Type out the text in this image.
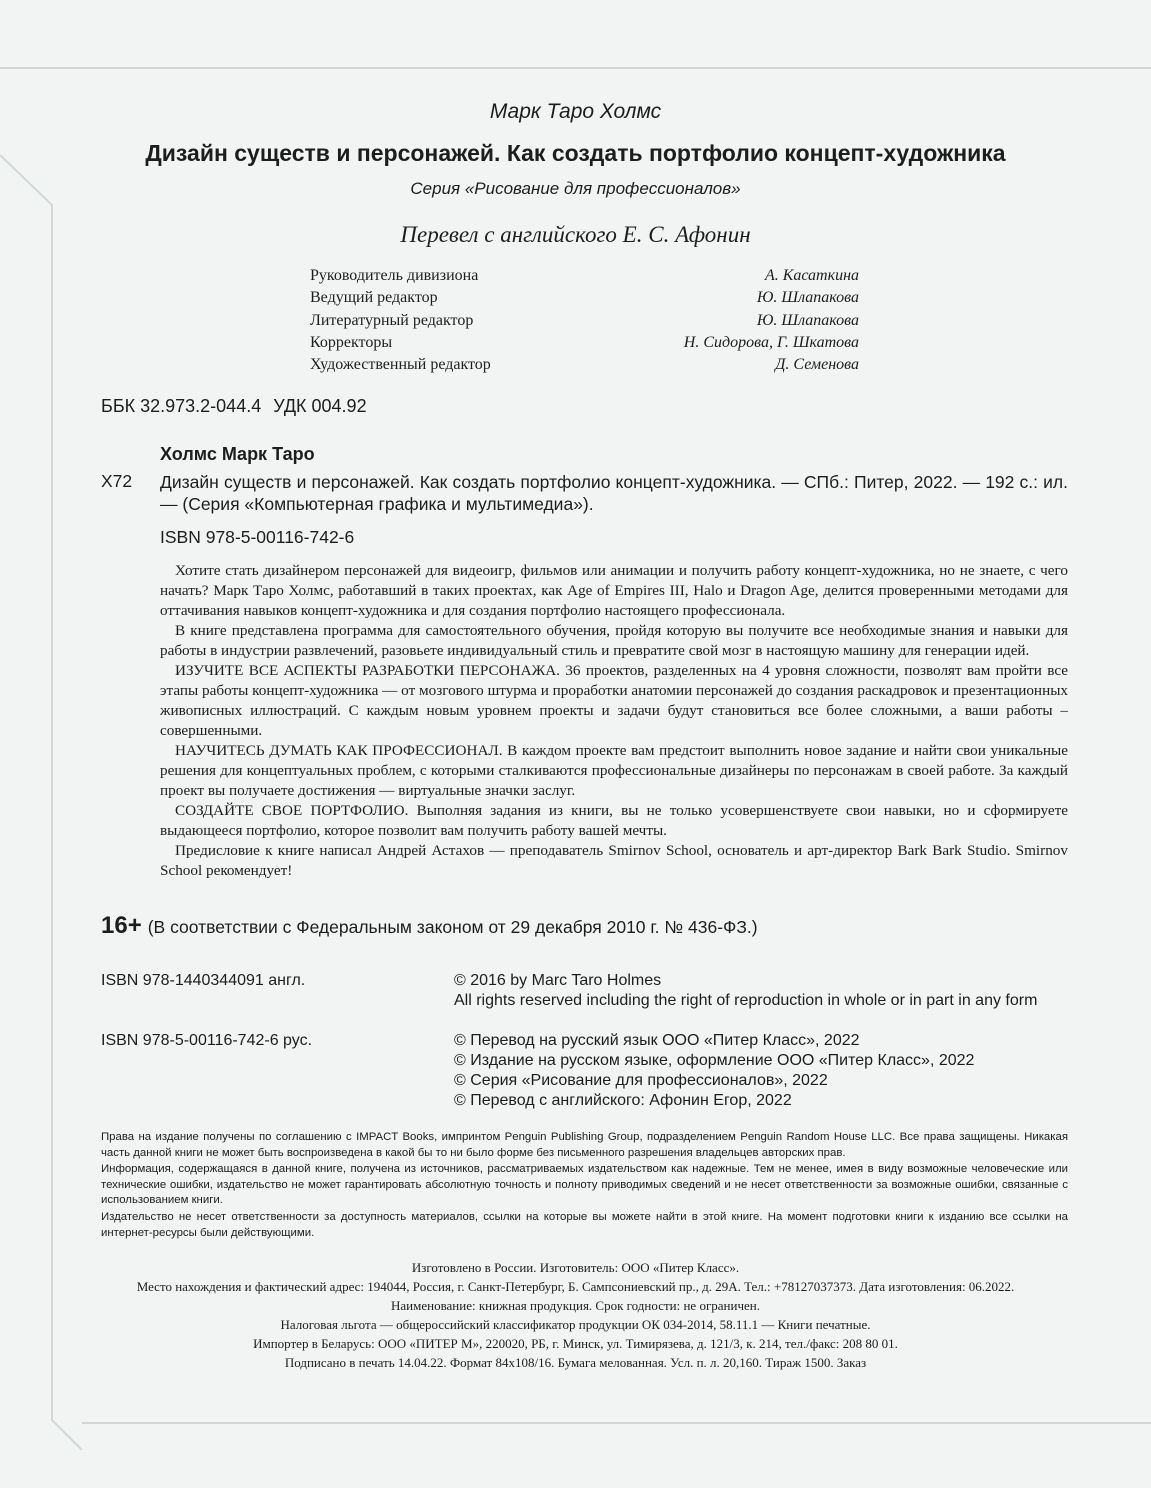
Марк Таро Холмс
Дизайн существ и персонажей. Как создать портфолио концепт-художника
Серия «Рисование для профессионалов»
Перевел с английского Е. С. Афонин
Руководитель дивизиона	А. Касаткина
Ведущий редактор	Ю. Шлапакова
Литературный редактор	Ю. Шлапакова
Корректоры	Н. Сидорова, Г. Шкатова
Художественный редактор	Д. Семенова
ББК 32.973.2-044.4 УДК 004.92
Холмс Марк Таро
Х72 Дизайн существ и персонажей. Как создать портфолио концепт-художника. — СПб.: Питер, 2022. — 192 с.: ил. — (Серия «Компьютерная графика и мультимедиа»).
ISBN 978-5-00116-742-6

Хотите стать дизайнером персонажей для видеоигр, фильмов или анимации и получить работу концепт-художника, но не знаете, с чего начать? Марк Таро Холмс, работавший в таких проектах, как Age of Empires III, Halo и Dragon Age, делится проверенными методами для оттачивания навыков концепт-художника и для создания портфолио настоящего профессионала.

В книге представлена программа для самостоятельного обучения, пройдя которую вы получите все необходимые знания и навыки для работы в индустрии развлечений, разовьете индивидуальный стиль и превратите свой мозг в настоящую машину для генерации идей.

ИЗУЧИТЕ ВСЕ АСПЕКТЫ РАЗРАБОТКИ ПЕРСОНАЖА. 36 проектов, разделенных на 4 уровня сложности, позволят вам пройти все этапы работы концепт-художника — от мозгового штурма и проработки анатомии персонажей до создания раскадровок и презентационных живописных иллюстраций. С каждым новым уровнем проекты и задачи будут становиться все более сложными, а ваши работы – совершенными.

НАУЧИТЕСЬ ДУМАТЬ КАК ПРОФЕССИОНАЛ. В каждом проекте вам предстоит выполнить новое задание и найти свои уникальные решения для концептуальных проблем, с которыми сталкиваются профессиональные дизайнеры по персонажам в своей работе. За каждый проект вы получаете достижения — виртуальные значки заслуг.

СОЗДАЙТЕ СВОЕ ПОРТФОЛИО. Выполняя задания из книги, вы не только усовершенствуете свои навыки, но и сформируете выдающееся портфолио, которое позволит вам получить работу вашей мечты.

Предисловие к книге написал Андрей Астахов — преподаватель Smirnov School, основатель и арт-директор Bark Bark Studio. Smirnov School рекомендует!

16+ (В соответствии с Федеральным законом от 29 декабря 2010 г. № 436-ФЗ.)
ISBN 978-1440344091 англ.	© 2016 by Marc Taro Holmes
All rights reserved including the right of reproduction in whole or in part in any form
ISBN 978-5-00116-742-6 рус.	© Перевод на русский язык ООО «Питер Класс», 2022
© Издание на русском языке, оформление ООО «Питер Класс», 2022
© Серия «Рисование для профессионалов», 2022
© Перевод с английского: Афонин Егор, 2022
Права на издание получены по соглашению с IMPACT Books, импринтом Penguin Publishing Group, подразделением Penguin Random House LLC. Все права защищены. Никакая часть данной книги не может быть воспроизведена в какой бы то ни было форме без письменного разрешения владельцев авторских прав.
Информация, содержащаяся в данной книге, получена из источников, рассматриваемых издательством как надежные. Тем не менее, имея в виду возможные человеческие или технические ошибки, издательство не может гарантировать абсолютную точность и полноту приводимых сведений и не несет ответственности за возможные ошибки, связанные с использованием книги.
Издательство не несет ответственности за доступность материалов, ссылки на которые вы можете найти в этой книге. На момент подготовки книги к изданию все ссылки на интернет-ресурсы были действующими.
Изготовлено в России. Изготовитель: ООО «Питер Класс».
Место нахождения и фактический адрес: 194044, Россия, г. Санкт-Петербург, Б. Сампсониевский пр., д. 29А. Тел.: +78127037373. Дата изготовления: 06.2022. Наименование: книжная продукция. Срок годности: не ограничен.
Налоговая льгота — общероссийский классификатор продукции ОК 034-2014, 58.11.1 — Книги печатные.
Импортер в Беларусь: ООО «ПИТЕР М», 220020, РБ, г. Минск, ул. Тимирязева, д. 121/3, к. 214, тел./факс: 208 80 01.
Подписано в печать 14.04.22. Формат 84х108/16. Бумага мелованная. Усл. п. л. 20,160. Тираж 1500. Заказ
